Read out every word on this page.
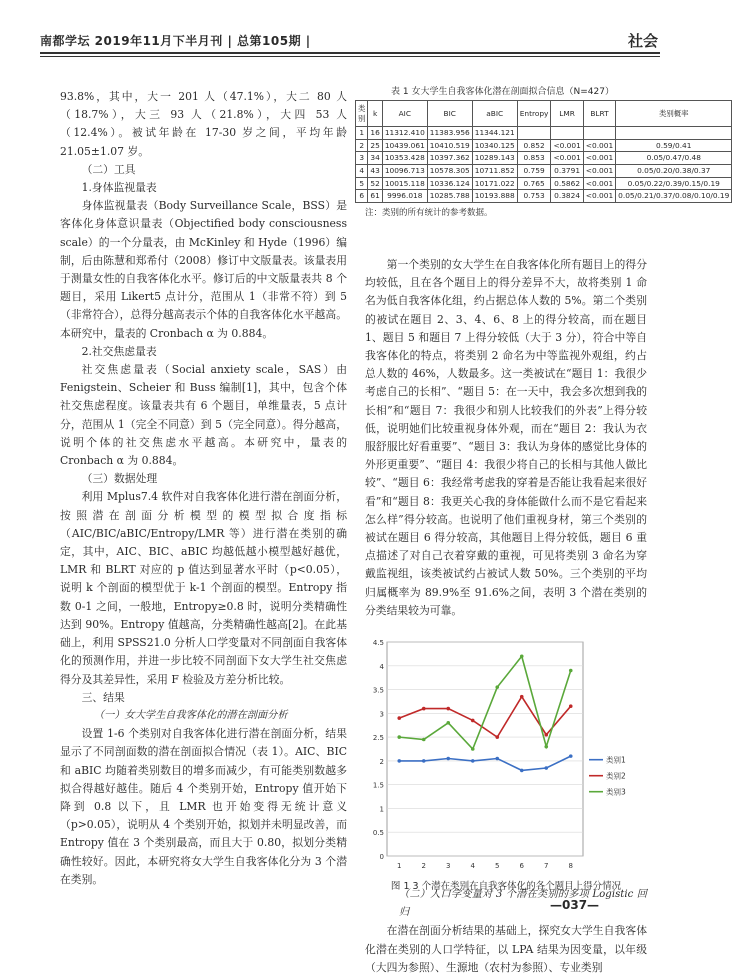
南都学坛 2019年11月下半月刊 | 总第105期 |	社会

93.8%，其中，大一 201 人（47.1%），大二 80 人（18.7%），大三 93 人（21.8%），大四 53 人（12.4%）。被试年龄在 17-30 岁之间，平均年龄 21.05±1.07 岁。

（二）工具

1.身体监视量表

身体监视量表（Body Surveillance Scale，BSS）是客体化身体意识量表（Objectified body consciousness scale）的一个分量表，由 McKinley 和 Hyde（1996）编制，后由陈慧和郑希付（2008）修订中文版量表。该量表用于测量女性的自我客体化水平。修订后的中文版量表共 8 个题目，采用 Likert5 点计分，范围从 1（非常不符）到 5（非常符合），总得分越高表示个体的自我客体化水平越高。本研究中，量表的 Cronbach α 为 0.884。

2.社交焦虑量表

社交焦虑量表（Social anxiety scale，SAS）由 Fenigstein、Scheier 和 Buss 编制[1]，其中，包含个体社交焦虑程度。该量表共有 6 个题目，单维量表，5 点计分，范围从 1（完全不同意）到 5（完全同意）。得分越高，说明个体的社交焦虑水平越高。本研究中，量表的 Cronbach α 为 0.884。

（三）数据处理

利用 Mplus7.4 软件对自我客体化进行潜在剖面分析，按照潜在剖面分析模型的模型拟合度指标（AIC/BIC/aBIC/Entropy/LMR 等）进行潜在类别的确定，其中，AIC、BIC、aBIC 均越低越小模型越好越优，LMR 和 BLRT 对应的 p 值达到显著水平时（p<0.05），说明 k 个剖面的模型优于 k-1 个剖面的模型。Entropy 指数 0-1 之间，一般地，Entropy≥0.8 时，说明分类精确性达到 90%。Entropy 值越高，分类精确性越高[2]。在此基础上，利用 SPSS21.0 分析人口学变量对不同剖面自我客体化的预测作用，并进一步比较不同剖面下女大学生社交焦虑得分及其差异性，采用 F 检验及方差分析比较。

三、结果

（一）女大学生自我客体化的潜在剖面分析

设置 1-6 个类别对自我客体化进行潜在剖面分析，结果显示了不同剖面数的潜在剖面拟合情况（表 1）。AIC、BIC 和 aBIC 均随着类别数目的增多而减少，有可能类别数越多拟合得越好越佳。随后 4 个类别开始，Entropy 值开始下降到 0.8 以下，且 LMR 也开始变得无统计意义（p>0.05），说明从 4 个类别开始，拟划并未明显改善，而 Entropy 值在 3 个类别最高，而且大于 0.80，拟划分类精确性较好。因此，本研究将女大学生自我客体化分为 3 个潜在类别。

表 1 女大学生自我客体化潜在剖面拟合信息（N=427）
类别	k	AIC	BIC	aBIC	Entropy	LMR	BLRT	类别概率
1	16	11312.410	11383.956	11344.121				
2	25	10439.061	10410.519	10340.125	0.852	<0.001	<0.001	0.59/0.41
3	34	10353.428	10397.362	10289.143	0.853	<0.001	<0.001	0.05/0.47/0.48
4	43	10096.713	10578.305	10711.852	0.759	0.3791	<0.001	0.05/0.20/0.38/0.37
5	52	10015.118	10336.124	10171.022	0.765	0.5862	<0.001	0.05/0.22/0.39/0.15/0.19
6	61	9996.018	10285.788	10193.888	0.753	0.3824	<0.001	0.05/0.21/0.37/0.08/0.10/0.19
注：类别的所有统计的参考数据。

第一个类别的女大学生在自我客体化所有题目上的得分均较低，且在各个题目上的得分差异不大，故将类别 1 命名为低自我客体化组，约占据总体人数的 5%。第二个类别的被试在题目 2、3、4、6、8 上的得分较高，而在题目 1、题目 5 和题目 7 上得分较低（大于 3 分），符合中等自我客体化的特点，将类别 2 命名为中等监视外观组，约占总人数的 46%，人数最多。这一类被试在“题目 1：我很少考虑自己的长相”、“题目 5：在一天中，我会多次想到我的长相”和“题目 7：我很少和别人比较我们的外表”上得分较低，说明她们比较重视身体外观，而在“题目 2：我认为衣服舒服比好看重要”、“题目 3：我认为身体的感觉比身体的外形更重要”、“题目 4：我很少将自己的长相与其他人做比较”、“题目 6：我经常考虑我的穿着是否能让我看起来很好看”和“题目 8：我更关心我的身体能做什么而不是它看起来怎么样”得分较高。也说明了他们重视身材，第三个类别的被试在题目 6 得分较高，其他题目上得分较低，题目 6 重点描述了对自己衣着穿戴的重视，可见将类别 3 命名为穿戴监视组，该类被试约占被试人数 50%。三个类别的平均归属概率为 89.9%至 91.6%之间，表明 3 个潜在类别的分类结果较为可靠。

0
0.5
1
1.5
2
2.5
3
3.5
4
4.5
1	2	3	4	5	6	7	8
类别1
类别2
类别3
图 1 3 个潜在类别在自我客体化的各个题目上得分情况

（二）人口学变量对 3 个潜在类别的多项 Logistic 回归

在潜在剖面分析结果的基础上，探究女大学生自我客体化潜在类别的人口学特征，以 LPA 结果为因变量，以年级（大四为参照）、生源地（农村为参照）、专业类别

—037—
